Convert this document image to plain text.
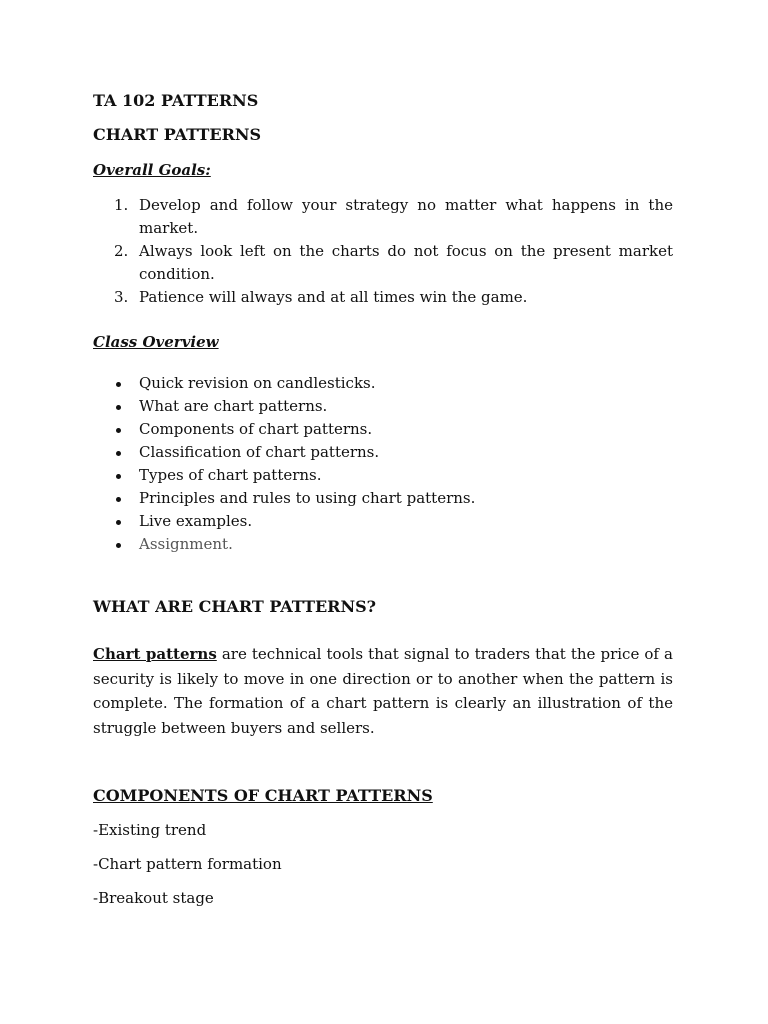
TA 102 PATTERNS
CHART PATTERNS
Overall Goals:
1. Develop and follow your strategy no matter what happens in the market.
2. Always look left on the charts do not focus on the present market condition.
3. Patience will always and at all times win the game.
Class Overview
Quick revision on candlesticks.
What are chart patterns.
Components of chart patterns.
Classification of chart patterns.
Types of chart patterns.
Principles and rules to using chart patterns.
Live examples.
Assignment.
WHAT ARE CHART PATTERNS?
Chart patterns are technical tools that signal to traders that the price of a security is likely to move in one direction or to another when the pattern is complete. The formation of a chart pattern is clearly an illustration of the struggle between buyers and sellers.
COMPONENTS OF CHART PATTERNS
-Existing trend
-Chart pattern formation
-Breakout stage
